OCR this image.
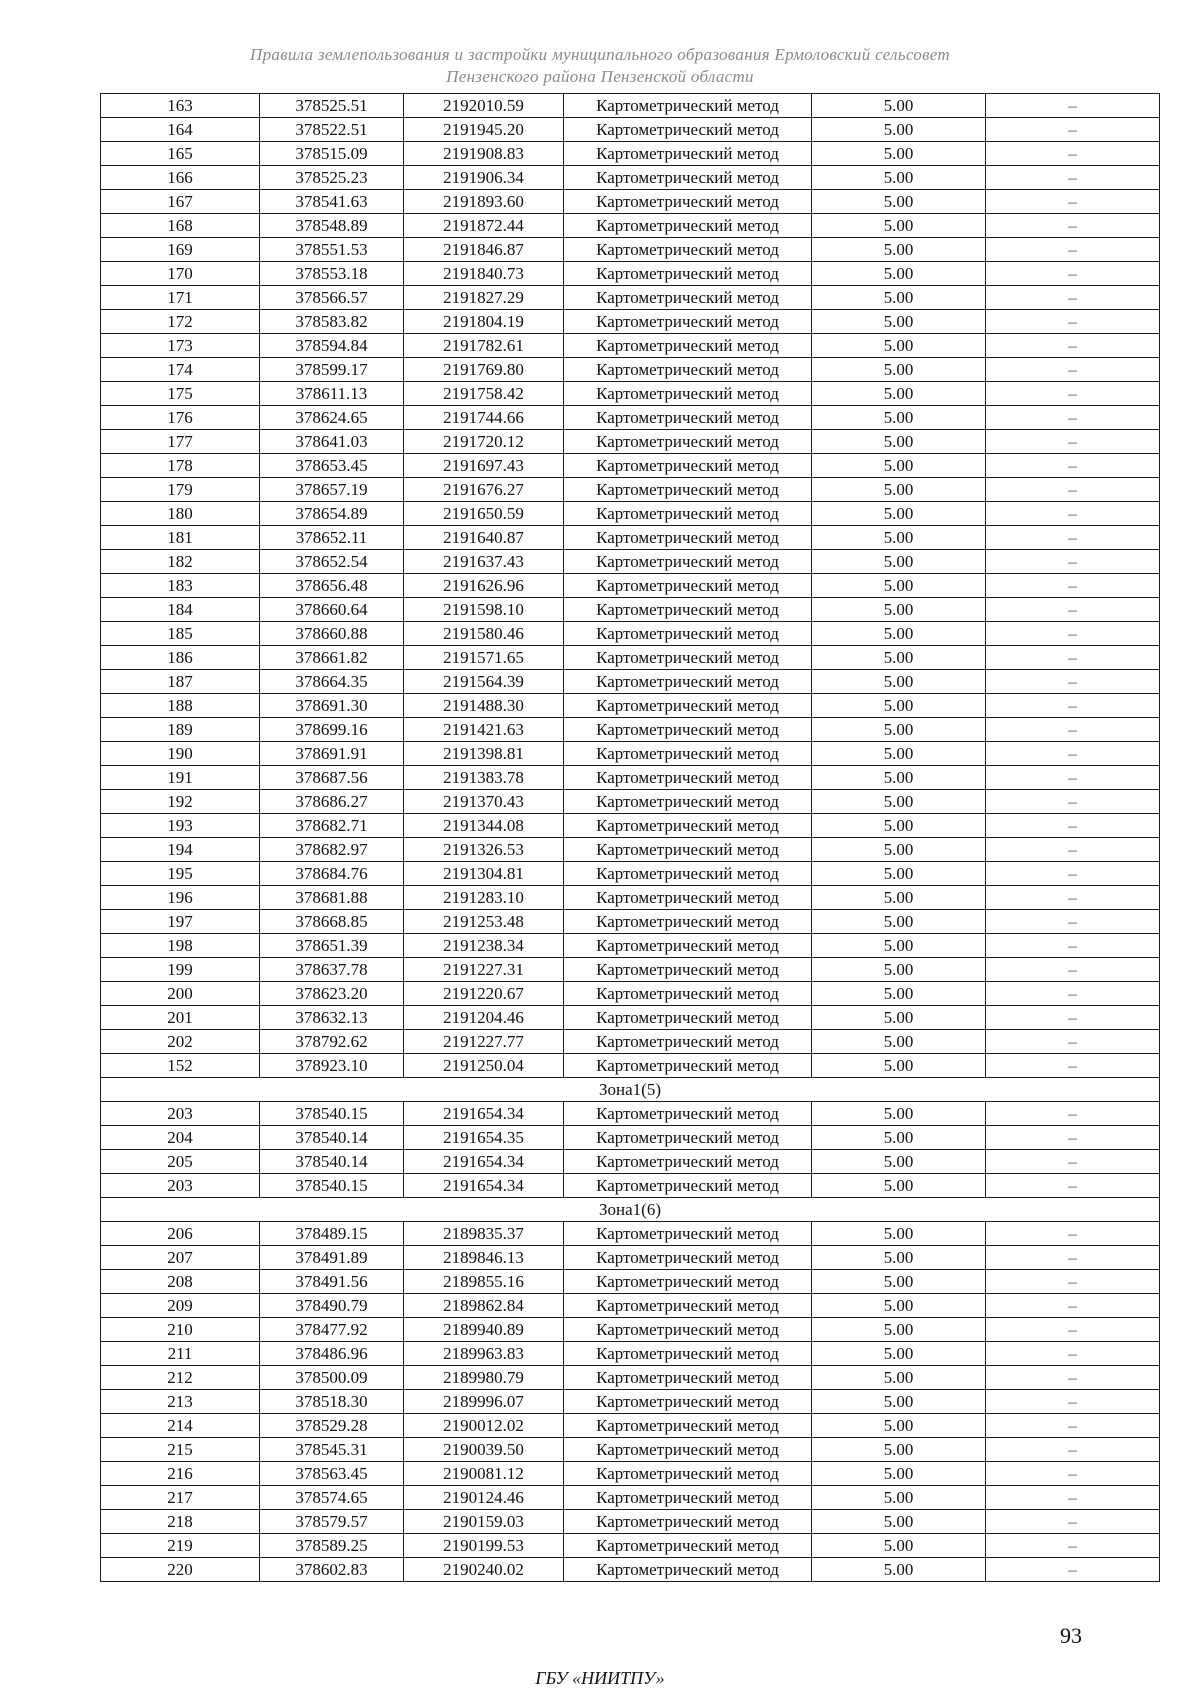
Правила землепользования и застройки муниципального образования Ермоловский сельсовет
Пензенского района Пензенской области
163	378525.51	2192010.59	Картометрический метод	5.00	–
164	378522.51	2191945.20	Картометрический метод	5.00	–
165	378515.09	2191908.83	Картометрический метод	5.00	–
166	378525.23	2191906.34	Картометрический метод	5.00	–
167	378541.63	2191893.60	Картометрический метод	5.00	–
168	378548.89	2191872.44	Картометрический метод	5.00	–
169	378551.53	2191846.87	Картометрический метод	5.00	–
170	378553.18	2191840.73	Картометрический метод	5.00	–
171	378566.57	2191827.29	Картометрический метод	5.00	–
172	378583.82	2191804.19	Картометрический метод	5.00	–
173	378594.84	2191782.61	Картометрический метод	5.00	–
174	378599.17	2191769.80	Картометрический метод	5.00	–
175	378611.13	2191758.42	Картометрический метод	5.00	–
176	378624.65	2191744.66	Картометрический метод	5.00	–
177	378641.03	2191720.12	Картометрический метод	5.00	–
178	378653.45	2191697.43	Картометрический метод	5.00	–
179	378657.19	2191676.27	Картометрический метод	5.00	–
180	378654.89	2191650.59	Картометрический метод	5.00	–
181	378652.11	2191640.87	Картометрический метод	5.00	–
182	378652.54	2191637.43	Картометрический метод	5.00	–
183	378656.48	2191626.96	Картометрический метод	5.00	–
184	378660.64	2191598.10	Картометрический метод	5.00	–
185	378660.88	2191580.46	Картометрический метод	5.00	–
186	378661.82	2191571.65	Картометрический метод	5.00	–
187	378664.35	2191564.39	Картометрический метод	5.00	–
188	378691.30	2191488.30	Картометрический метод	5.00	–
189	378699.16	2191421.63	Картометрический метод	5.00	–
190	378691.91	2191398.81	Картометрический метод	5.00	–
191	378687.56	2191383.78	Картометрический метод	5.00	–
192	378686.27	2191370.43	Картометрический метод	5.00	–
193	378682.71	2191344.08	Картометрический метод	5.00	–
194	378682.97	2191326.53	Картометрический метод	5.00	–
195	378684.76	2191304.81	Картометрический метод	5.00	–
196	378681.88	2191283.10	Картометрический метод	5.00	–
197	378668.85	2191253.48	Картометрический метод	5.00	–
198	378651.39	2191238.34	Картометрический метод	5.00	–
199	378637.78	2191227.31	Картометрический метод	5.00	–
200	378623.20	2191220.67	Картометрический метод	5.00	–
201	378632.13	2191204.46	Картометрический метод	5.00	–
202	378792.62	2191227.77	Картометрический метод	5.00	–
152	378923.10	2191250.04	Картометрический метод	5.00	–
Зона1(5)					
203	378540.15	2191654.34	Картометрический метод	5.00	–
204	378540.14	2191654.35	Картометрический метод	5.00	–
205	378540.14	2191654.34	Картометрический метод	5.00	–
203	378540.15	2191654.34	Картометрический метод	5.00	–
Зона1(6)					
206	378489.15	2189835.37	Картометрический метод	5.00	–
207	378491.89	2189846.13	Картометрический метод	5.00	–
208	378491.56	2189855.16	Картометрический метод	5.00	–
209	378490.79	2189862.84	Картометрический метод	5.00	–
210	378477.92	2189940.89	Картометрический метод	5.00	–
211	378486.96	2189963.83	Картометрический метод	5.00	–
212	378500.09	2189980.79	Картометрический метод	5.00	–
213	378518.30	2189996.07	Картометрический метод	5.00	–
214	378529.28	2190012.02	Картометрический метод	5.00	–
215	378545.31	2190039.50	Картометрический метод	5.00	–
216	378563.45	2190081.12	Картометрический метод	5.00	–
217	378574.65	2190124.46	Картометрический метод	5.00	–
218	378579.57	2190159.03	Картометрический метод	5.00	–
219	378589.25	2190199.53	Картометрический метод	5.00	–
220	378602.83	2190240.02	Картометрический метод	5.00	–
93
ГБУ «НИИТПУ»
